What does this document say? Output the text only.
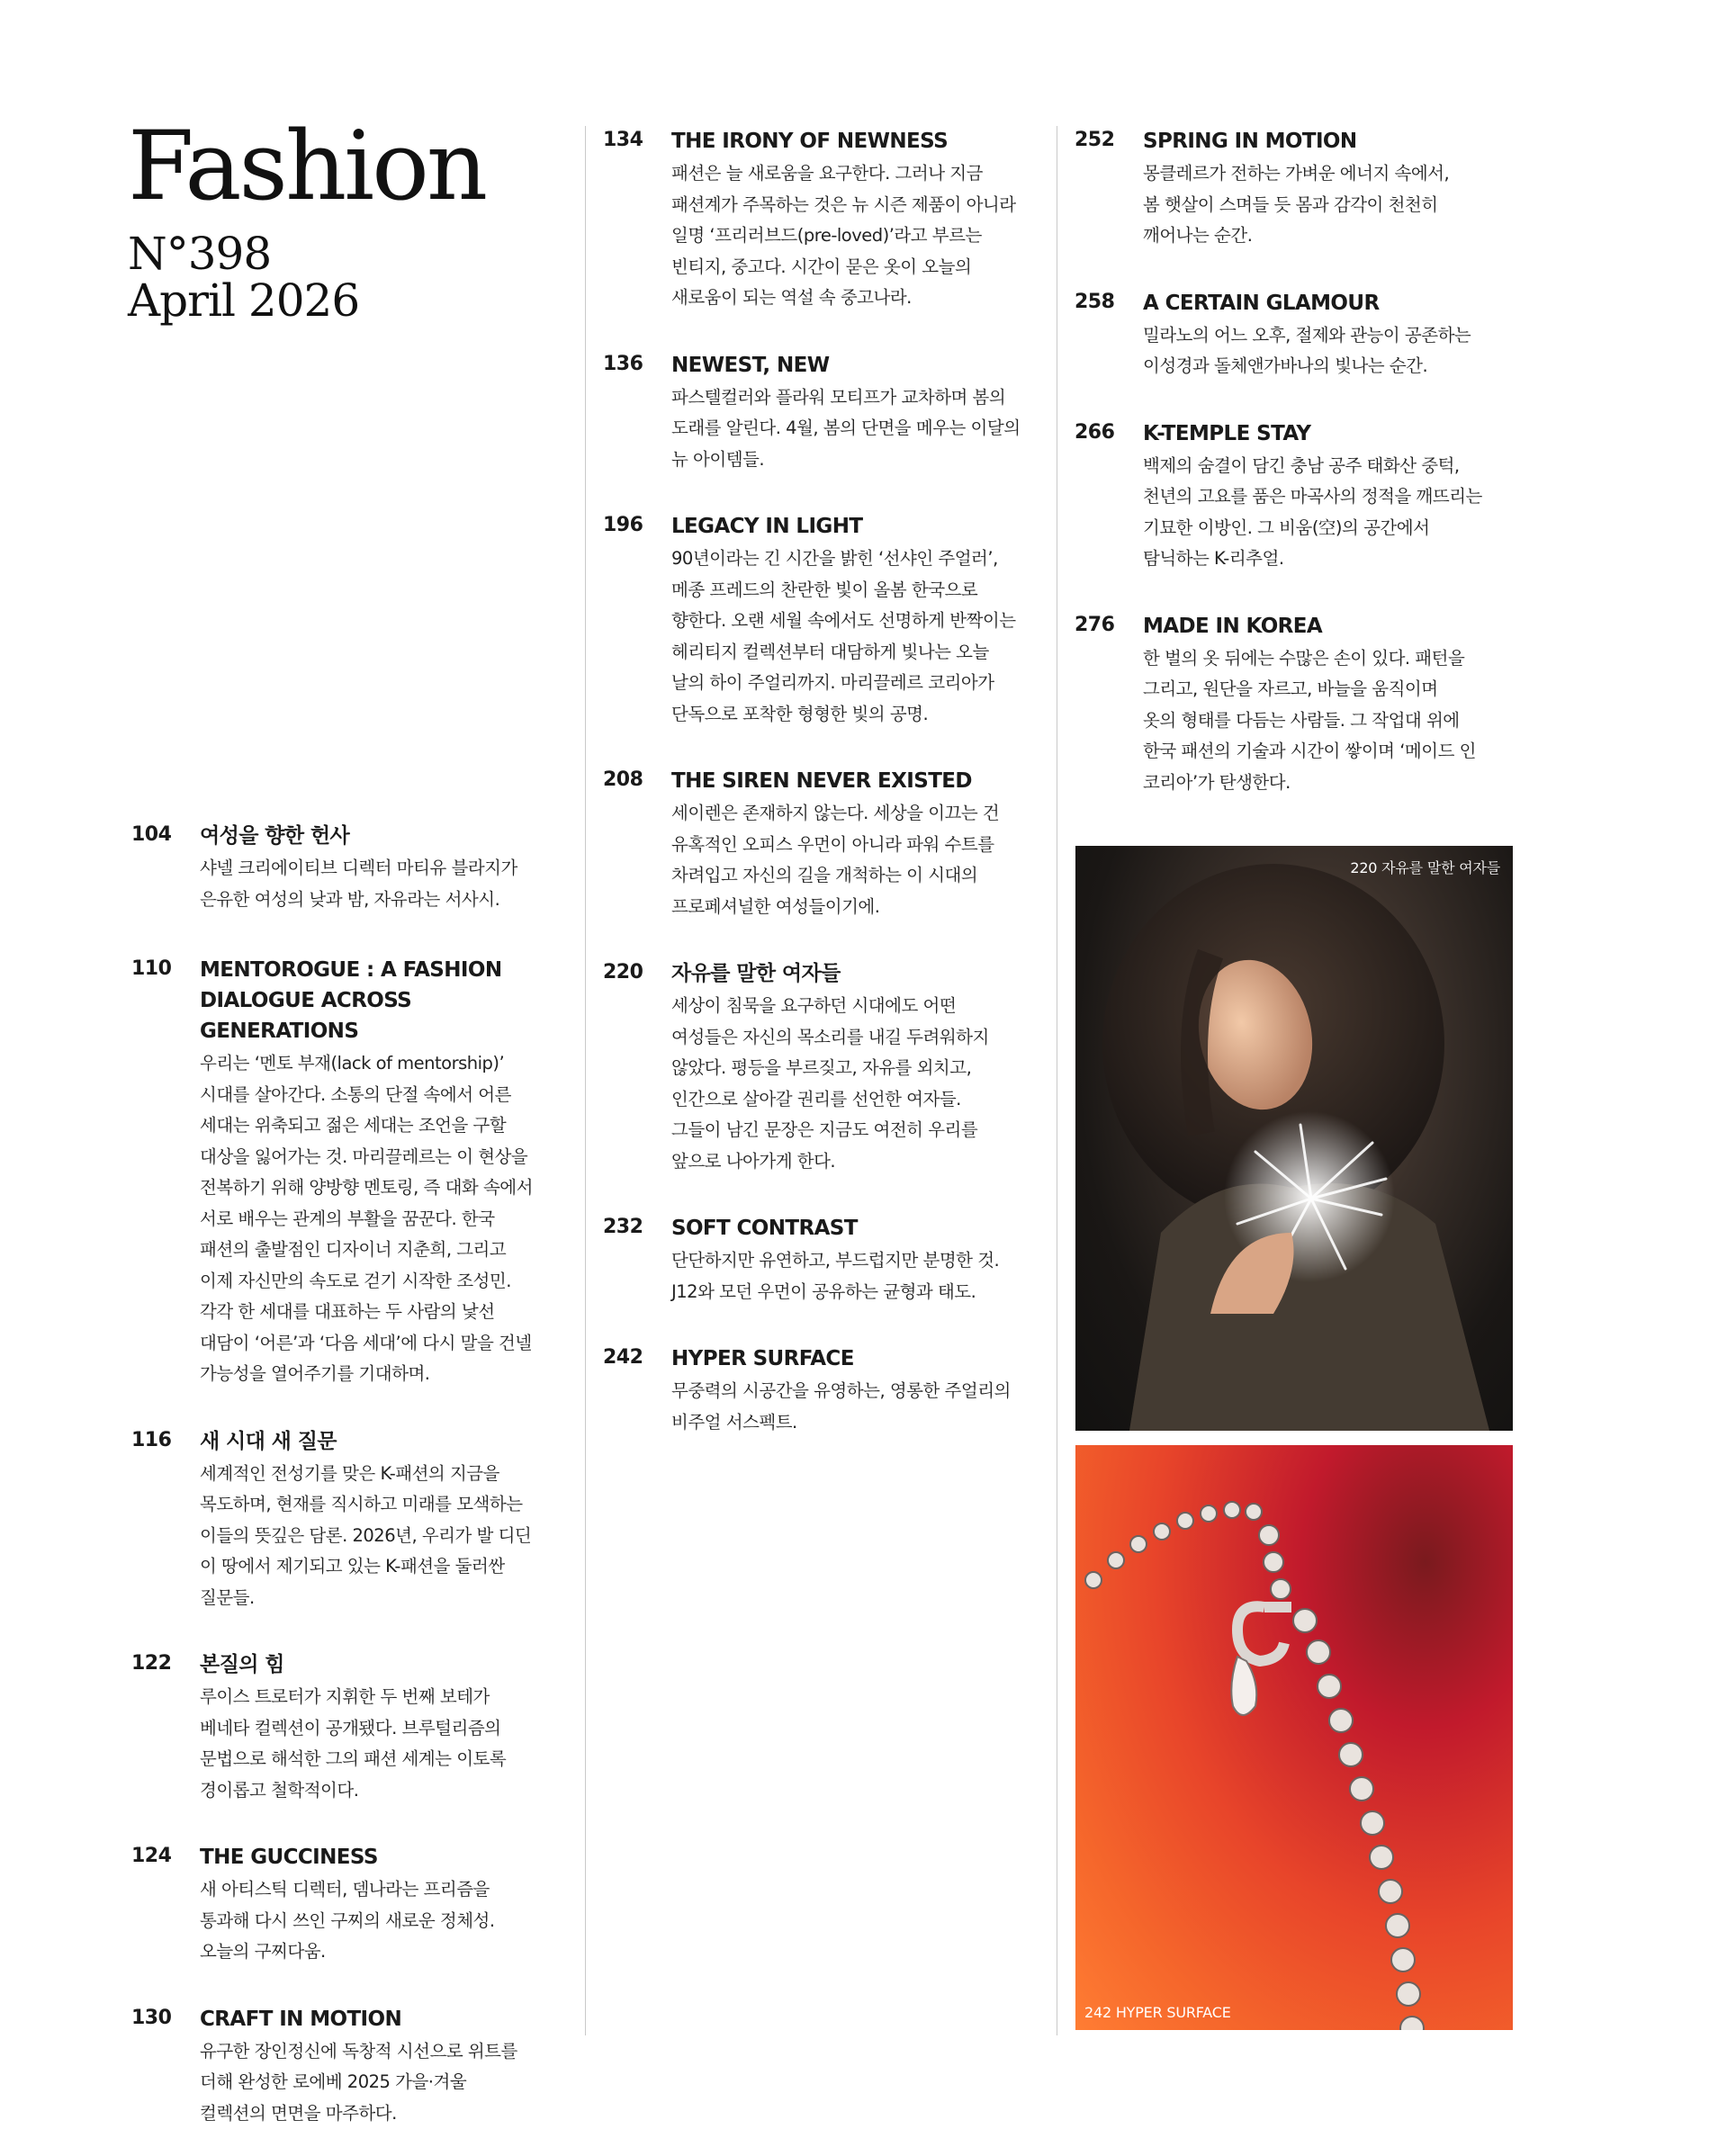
Fashion
N°398
April 2026
104	여성을 향한 헌사
샤넬 크리에이티브 디렉터 마티유 블라지가
은유한 여성의 낮과 밤, 자유라는 서사시.
110	MENTOROGUE : A FASHION
DIALOGUE ACROSS GENERATIONS
우리는 ‘멘토 부재(lack of mentorship)’
시대를 살아간다. 소통의 단절 속에서 어른
세대는 위축되고 젊은 세대는 조언을 구할
대상을 잃어가는 것. 마리끌레르는 이 현상을
전복하기 위해 양방향 멘토링, 즉 대화 속에서
서로 배우는 관계의 부활을 꿈꾼다. 한국
패션의 출발점인 디자이너 지춘희, 그리고
이제 자신만의 속도로 걷기 시작한 조성민.
각각 한 세대를 대표하는 두 사람의 낯선
대담이 ‘어른’과 ‘다음 세대’에 다시 말을 건넬
가능성을 열어주기를 기대하며.
116	새 시대 새 질문
세계적인 전성기를 맞은 K-패션의 지금을
목도하며, 현재를 직시하고 미래를 모색하는
이들의 뜻깊은 담론. 2026년, 우리가 발 디딘
이 땅에서 제기되고 있는 K-패션을 둘러싼
질문들.
122	본질의 힘
루이스 트로터가 지휘한 두 번째 보테가
베네타 컬렉션이 공개됐다. 브루털리즘의
문법으로 해석한 그의 패션 세계는 이토록
경이롭고 철학적이다.
124	THE GUCCINESS
새 아티스틱 디렉터, 뎀나라는 프리즘을
통과해 다시 쓰인 구찌의 새로운 정체성.
오늘의 구찌다움.
130	CRAFT IN MOTION
유구한 장인정신에 독창적 시선으로 위트를
더해 완성한 로에베 2025 가을·겨울
컬렉션의 면면을 마주하다.
134	THE IRONY OF NEWNESS
패션은 늘 새로움을 요구한다. 그러나 지금
패션계가 주목하는 것은 뉴 시즌 제품이 아니라
일명 ‘프리러브드(pre-loved)’라고 부르는
빈티지, 중고다. 시간이 묻은 옷이 오늘의
새로움이 되는 역설 속 중고나라.
136	NEWEST, NEW
파스텔컬러와 플라워 모티프가 교차하며 봄의
도래를 알린다. 4월, 봄의 단면을 메우는 이달의
뉴 아이템들.
196	LEGACY IN LIGHT
90년이라는 긴 시간을 밝힌 ‘선샤인 주얼러’,
메종 프레드의 찬란한 빛이 올봄 한국으로
향한다. 오랜 세월 속에서도 선명하게 반짝이는
헤리티지 컬렉션부터 대담하게 빛나는 오늘
날의 하이 주얼리까지. 마리끌레르 코리아가
단독으로 포착한 형형한 빛의 공명.
208	THE SIREN NEVER EXISTED
세이렌은 존재하지 않는다. 세상을 이끄는 건
유혹적인 오피스 우먼이 아니라 파워 수트를
차려입고 자신의 길을 개척하는 이 시대의
프로페셔널한 여성들이기에.
220	자유를 말한 여자들
세상이 침묵을 요구하던 시대에도 어떤
여성들은 자신의 목소리를 내길 두려워하지
않았다. 평등을 부르짖고, 자유를 외치고,
인간으로 살아갈 권리를 선언한 여자들.
그들이 남긴 문장은 지금도 여전히 우리를
앞으로 나아가게 한다.
232	SOFT CONTRAST
단단하지만 유연하고, 부드럽지만 분명한 것.
J12와 모던 우먼이 공유하는 균형과 태도.
242	HYPER SURFACE
무중력의 시공간을 유영하는, 영롱한 주얼리의
비주얼 서스펙트.
252	SPRING IN MOTION
몽클레르가 전하는 가벼운 에너지 속에서,
봄 햇살이 스며들 듯 몸과 감각이 천천히
깨어나는 순간.
258	A CERTAIN GLAMOUR
밀라노의 어느 오후, 절제와 관능이 공존하는
이성경과 돌체앤가바나의 빛나는 순간.
266	K-TEMPLE STAY
백제의 숨결이 담긴 충남 공주 태화산 중턱,
천년의 고요를 품은 마곡사의 정적을 깨뜨리는
기묘한 이방인. 그 비움(空)의 공간에서
탐닉하는 K-리추얼.
276	MADE IN KOREA
한 벌의 옷 뒤에는 수많은 손이 있다. 패턴을
그리고, 원단을 자르고, 바늘을 움직이며
옷의 형태를 다듬는 사람들. 그 작업대 위에
한국 패션의 기술과 시간이 쌓이며 ‘메이드 인
코리아’가 탄생한다.
220 자유를 말한 여자들
242 HYPER SURFACE
